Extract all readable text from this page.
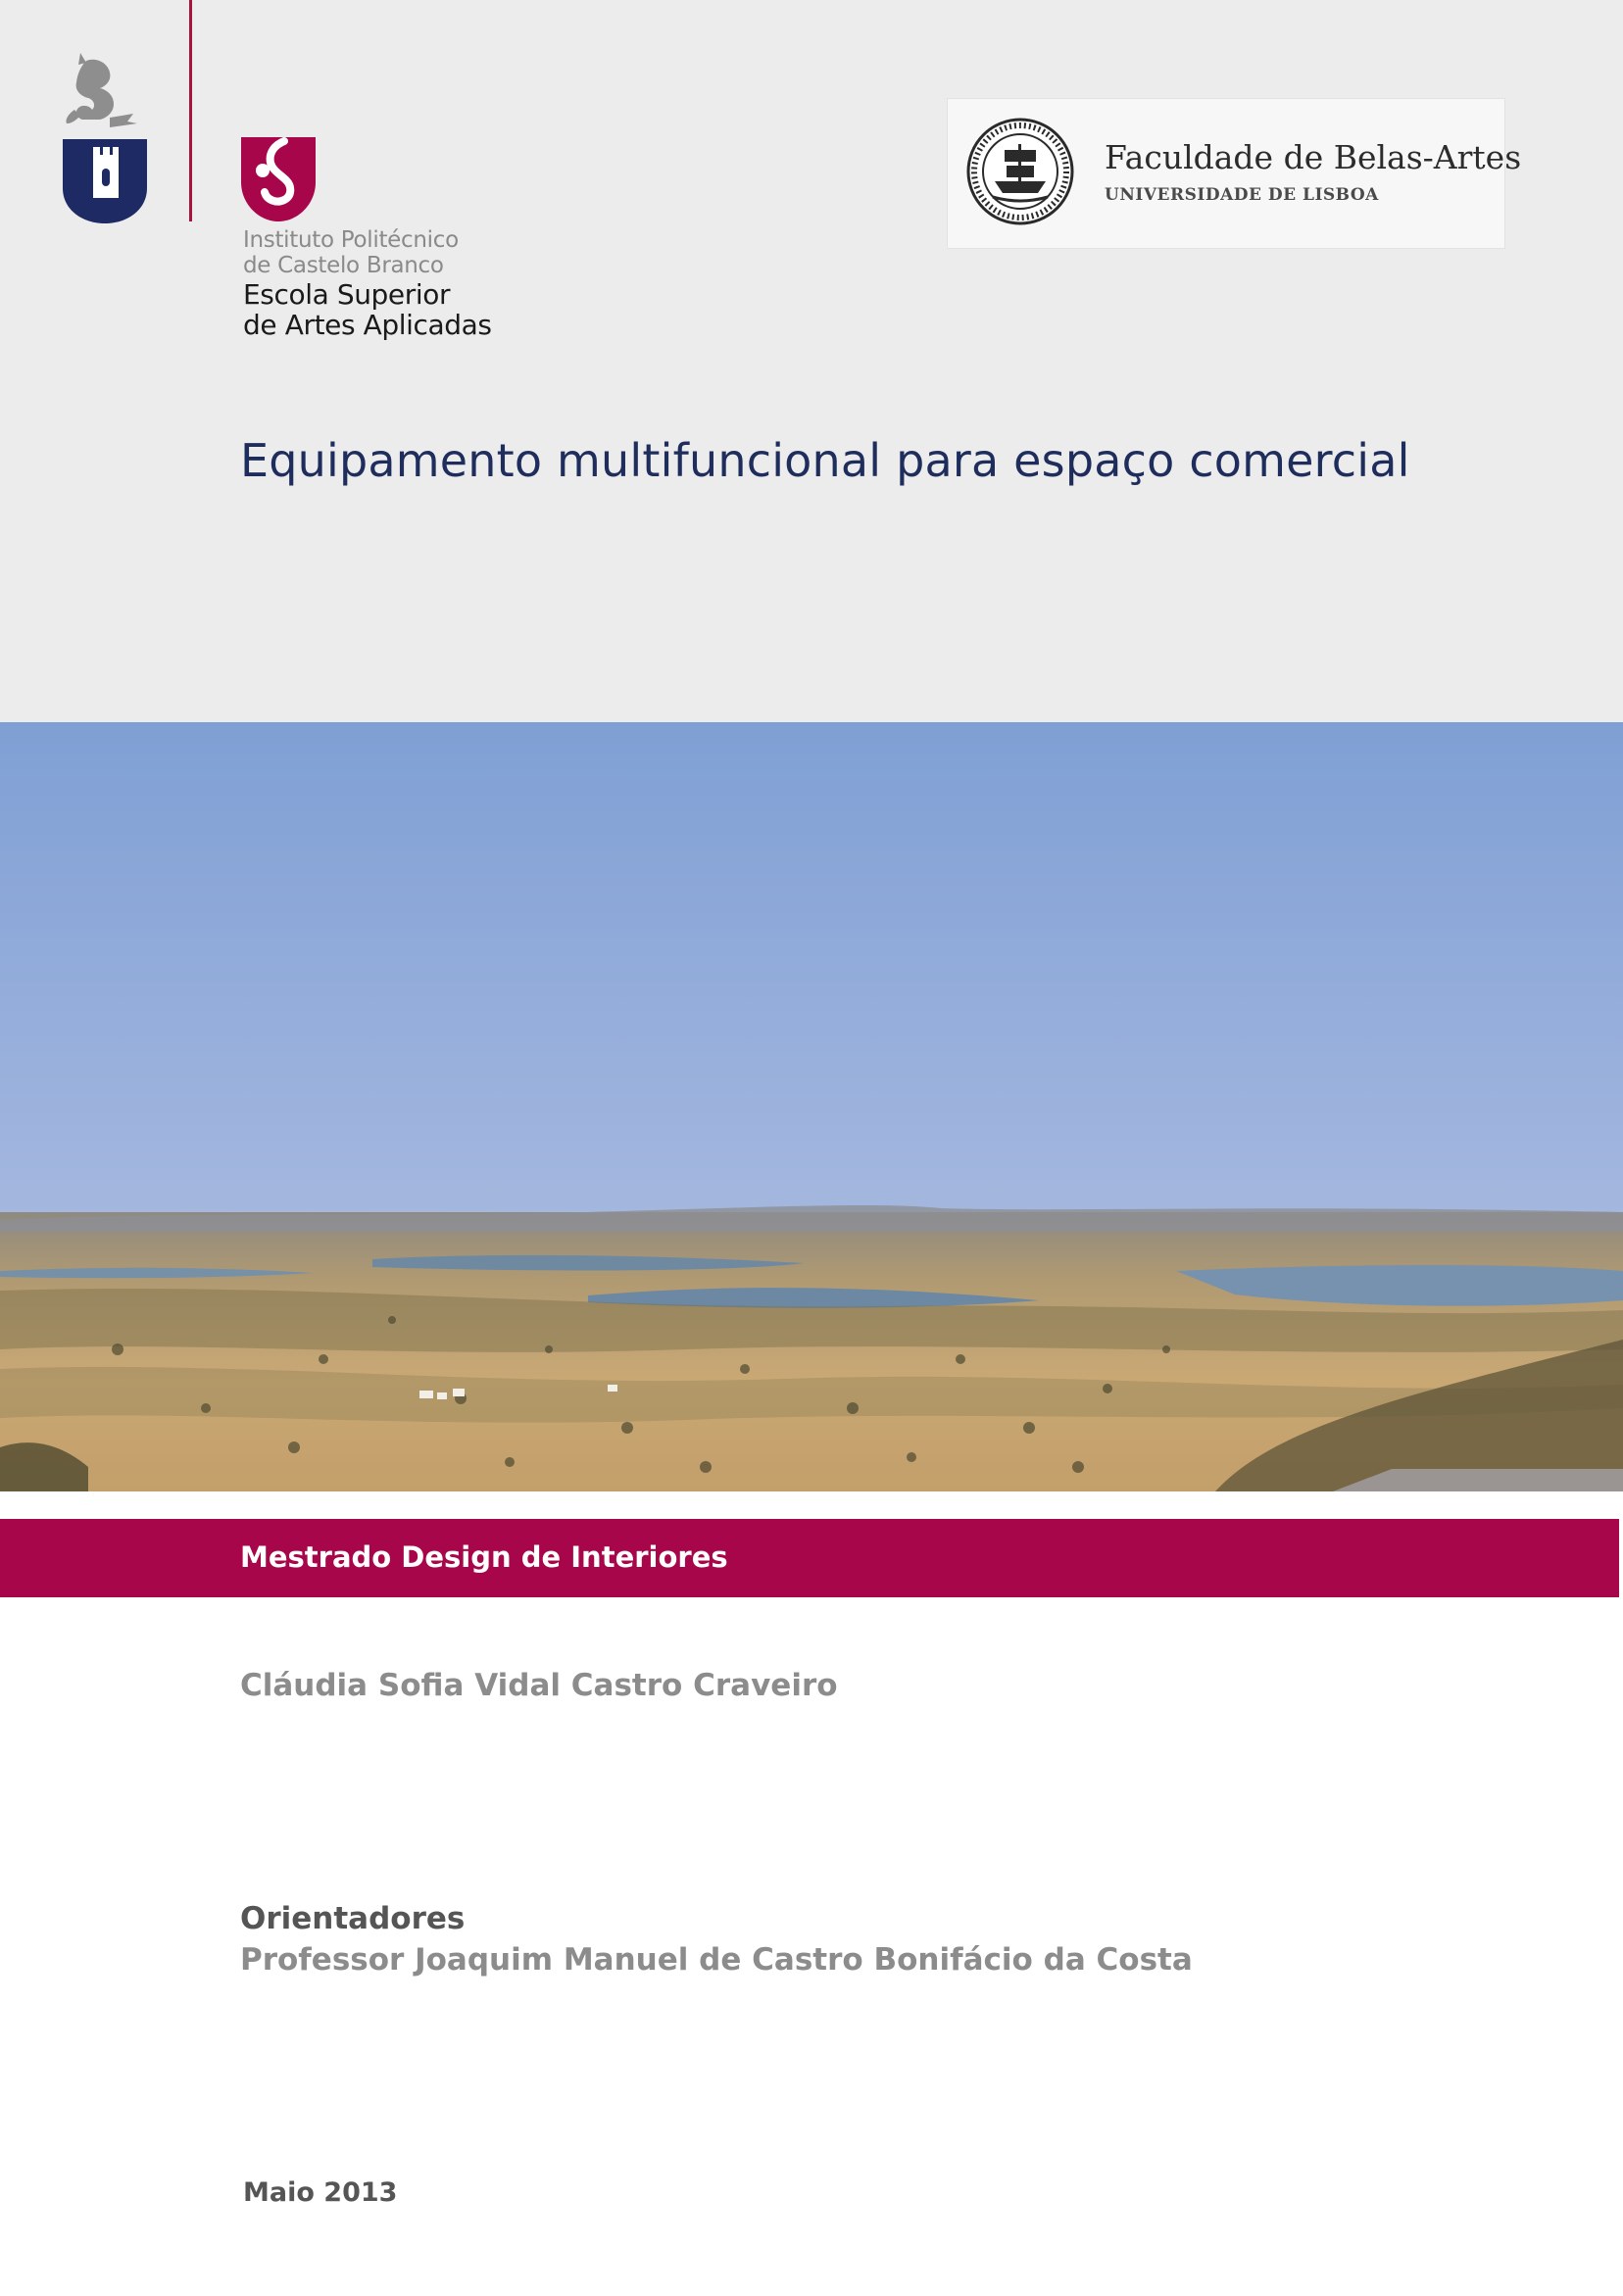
Instituto Politécnico
de Castelo Branco
Escola Superior
de Artes Aplicadas
Faculdade de Belas-Artes
UNIVERSIDADE DE LISBOA
Equipamento multifuncional para espaço comercial
Mestrado Design de Interiores
Cláudia Sofia Vidal Castro Craveiro
Orientadores
Professor Joaquim Manuel de Castro Bonifácio da Costa
Maio 2013
